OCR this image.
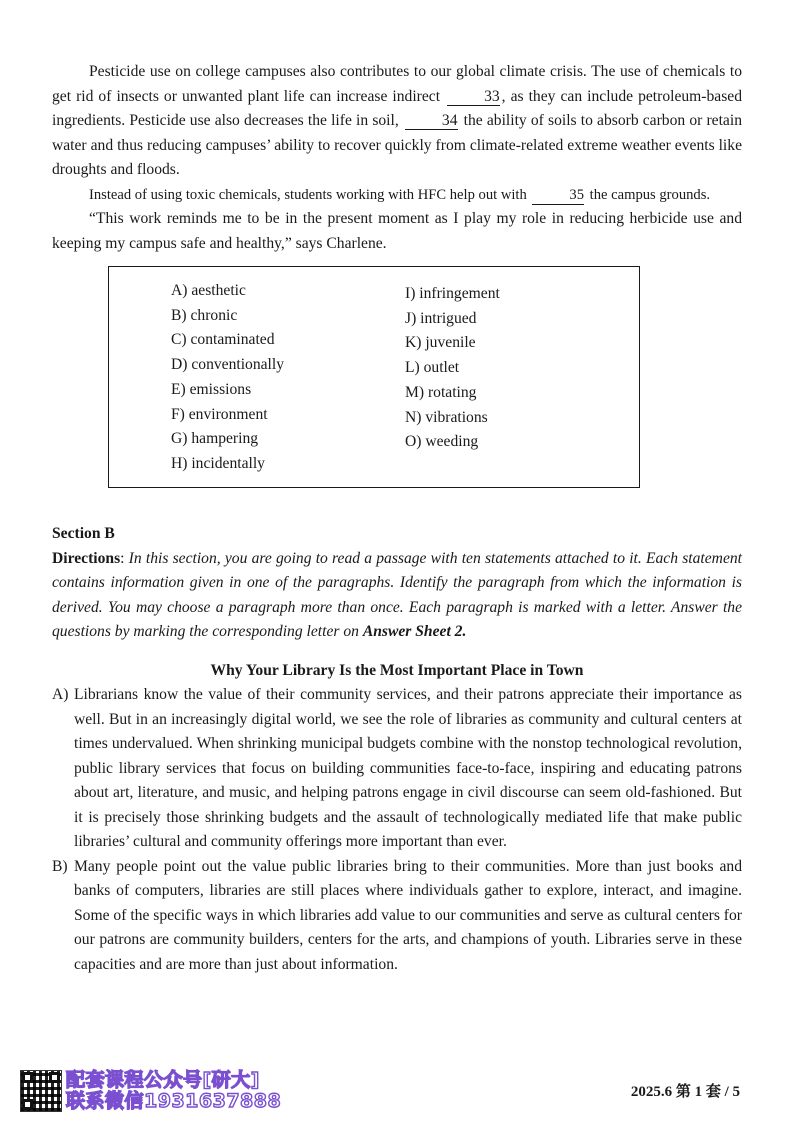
Pesticide use on college campuses also contributes to our global climate crisis. The use of chemicals to get rid of insects or unwanted plant life can increase indirect	33 , as they can include petroleum-based ingredients. Pesticide use also decreases the life in soil,	34 the ability of soils to absorb carbon or retain water and thus reducing campuses’ ability to recover quickly from climate-related extreme weather events like droughts and floods.

Instead of using toxic chemicals, students working with HFC help out with	35 the campus grounds.

“This work reminds me to be in the present moment as I play my role in reducing herbicide use and keeping my campus safe and healthy,” says Charlene.

A) aesthetic
B) chronic
C) contaminated
D) conventionally
E) emissions
F) environment
G) hampering
H) incidentally
I) infringement
J) intrigued
K) juvenile
L) outlet
M) rotating
N) vibrations
O) weeding
Section B

Directions: In this section, you are going to read a passage with ten statements attached to it. Each statement contains information given in one of the paragraphs. Identify the paragraph from which the information is derived. You may choose a paragraph more than once. Each paragraph is marked with a letter. Answer the questions by marking the corresponding letter on Answer Sheet 2.

Why Your Library Is the Most Important Place in Town
A) Librarians know the value of their community services, and their patrons appreciate their importance as well. But in an increasingly digital world, we see the role of libraries as community and cultural centers at times undervalued. When shrinking municipal budgets combine with the nonstop technological revolution, public library services that focus on building communities face-to-face, inspiring and educating patrons about art, literature, and music, and helping patrons engage in civil discourse can seem old-fashioned. But it is precisely those shrinking budgets and the assault of technologically mediated life that make public libraries’ cultural and community offerings more important than ever.
B) Many people point out the value public libraries bring to their communities. More than just books and banks of computers, libraries are still places where individuals gather to explore, interact, and imagine. Some of the specific ways in which libraries add value to our communities and serve as cultural centers for our patrons are community builders, centers for the arts, and champions of youth. Libraries serve in these capacities and are more than just about information.
配套课程公众号[研大]
联系微信1931637888	2025.6 第 1 套 / 5
